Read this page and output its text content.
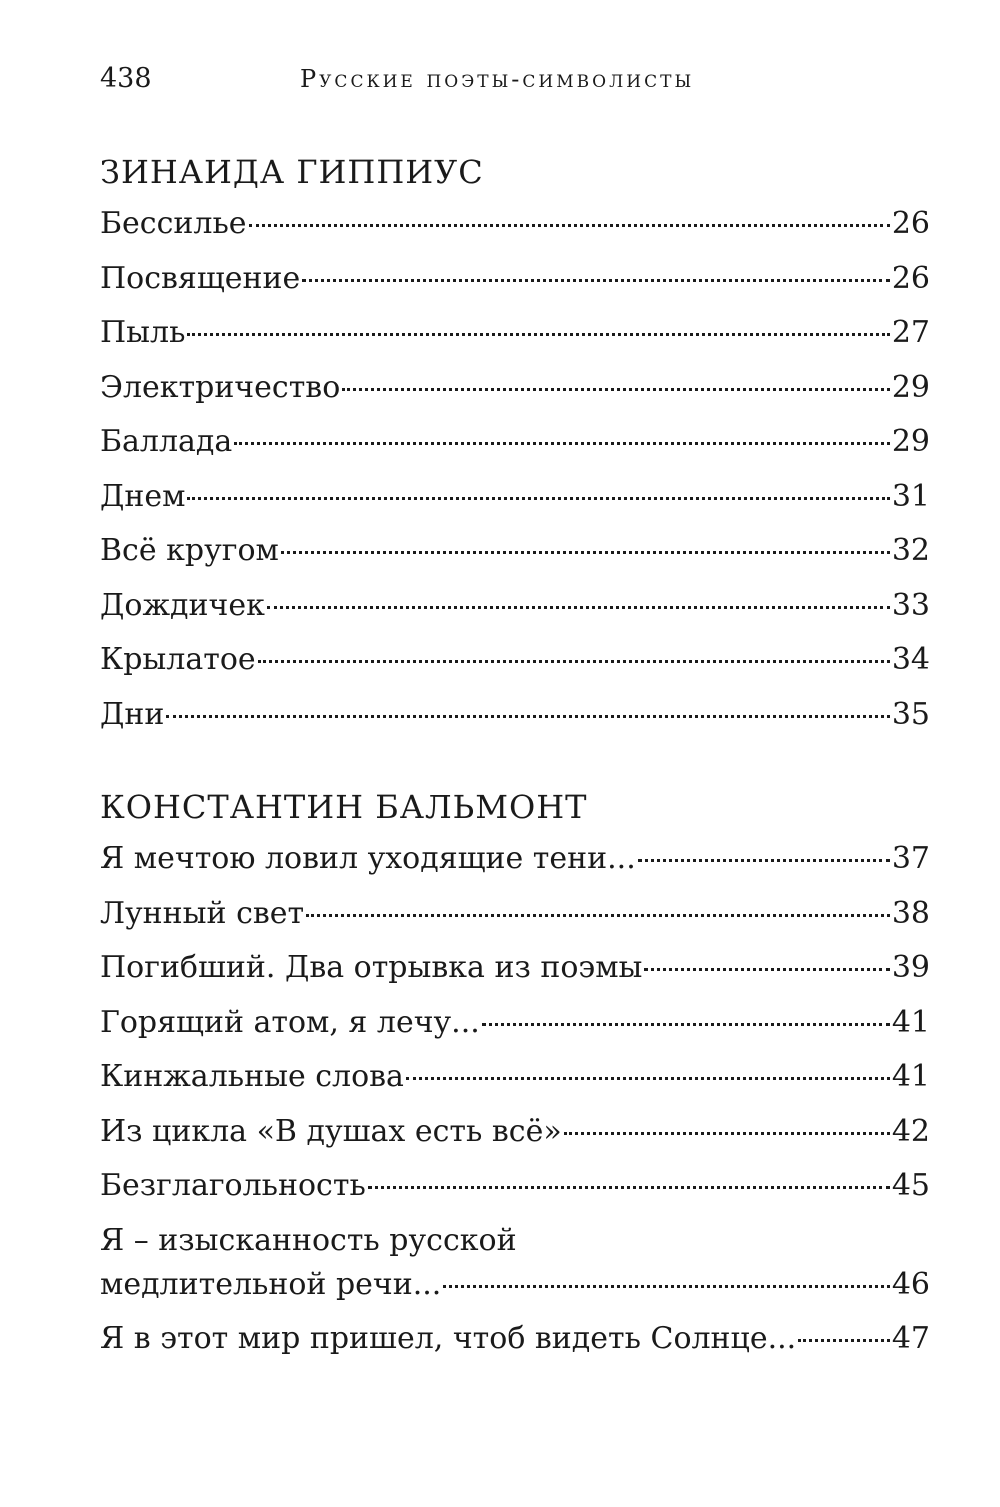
438	Русские поэты-символисты
ЗИНАИДА ГИППИУС
Бессилье	26
Посвящение	26
Пыль	27
Электричество	29
Баллада	29
Днем	31
Всё кругом	32
Дождичек	33
Крылатое	34
Дни	35
КОНСТАНТИН БАЛЬМОНТ
Я мечтою ловил уходящие тени...	37
Лунный свет	38
Погибший. Два отрывка из поэмы	39
Горящий атом, я лечу...	41
Кинжальные слова	41
Из цикла «В душах есть всё»	42
Безглагольность	45
Я – изысканность русской
медлительной речи...	46
Я в этот мир пришел, чтоб видеть Солнце...	47
